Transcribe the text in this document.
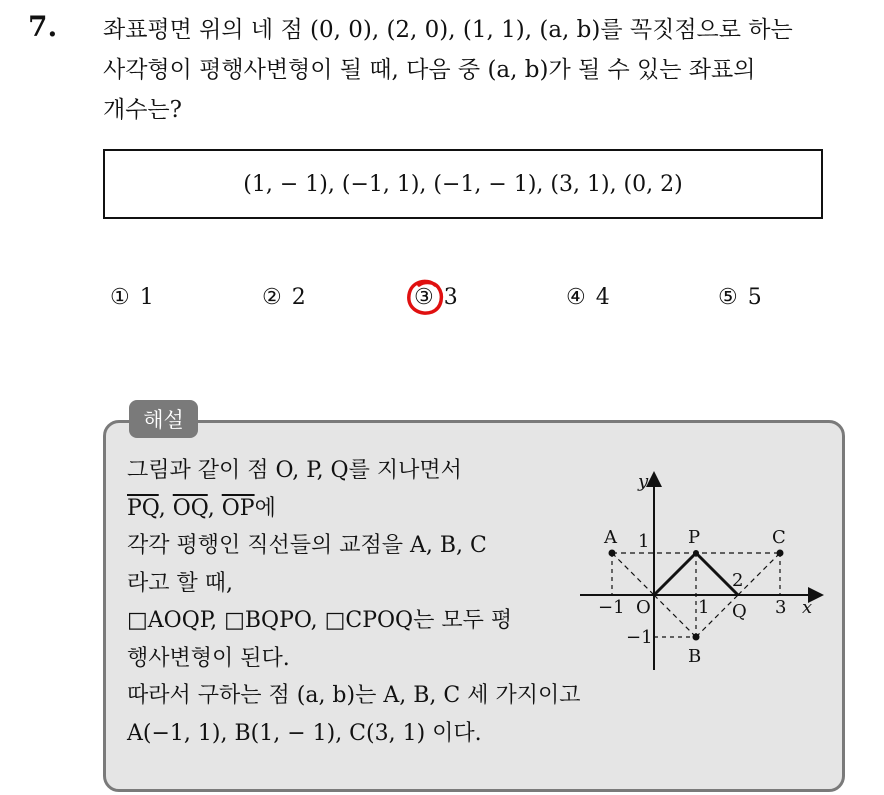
7. 좌표평면 위의 네 점 (0, 0), (2, 0), (1, 1), (a, b)를 꼭짓점으로 하는
사각형이 평행사변형이 될 때, 다음 중 (a, b)가 될 수 있는 좌표의
개수는?
(1, − 1), (−1, 1), (−1, − 1), (3, 1), (0, 2)
① 1	② 2	③ 3	④ 4	⑤ 5
해설
그림과 같이 점 O, P, Q를 지나면서
$\overline{PQ}$, $\overline{OQ}$, $\overline{OP}$에
각각 평행인 직선들의 교점을 A, B, C
라고 할 때,
□AOQP, □BQPO, □CPOQ는 모두 평
행사변형이 된다.
따라서 구하는 점 (a, b)는 A, B, C 세 가지이고
A(−1, 1), B(1, − 1), C(3, 1) 이다.
y
x
A	C
P
O	Q
B
1
−1
−1	1
2
3
